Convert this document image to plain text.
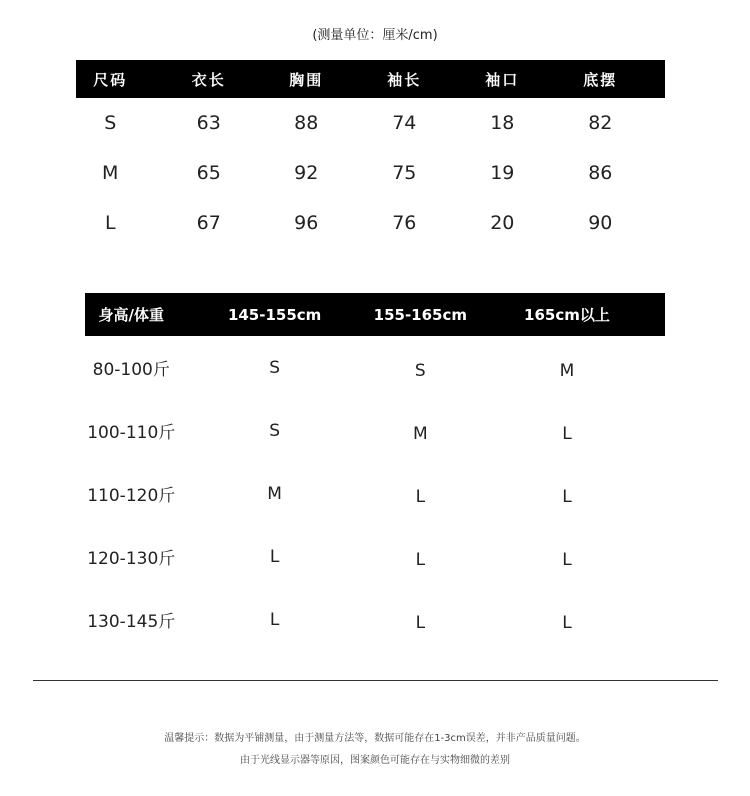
(测量单位：厘米/cm)
尺码	衣长	胸围	袖长	袖口	底摆
S	63	88	74	18	82
M	65	92	75	19	86
L	67	96	76	20	90
身高/体重	145-155cm	155-165cm	165cm以上
80-100斤	S	S	M
100-110斤	S	M	L
110-120斤	M	L	L
120-130斤	L	L	L
130-145斤	L	L	L
温馨提示：数据为平铺测量，由于测量方法等，数据可能存在1-3cm误差，并非产品质量问题。
由于光线显示器等原因，图案颜色可能存在与实物细微的差别
